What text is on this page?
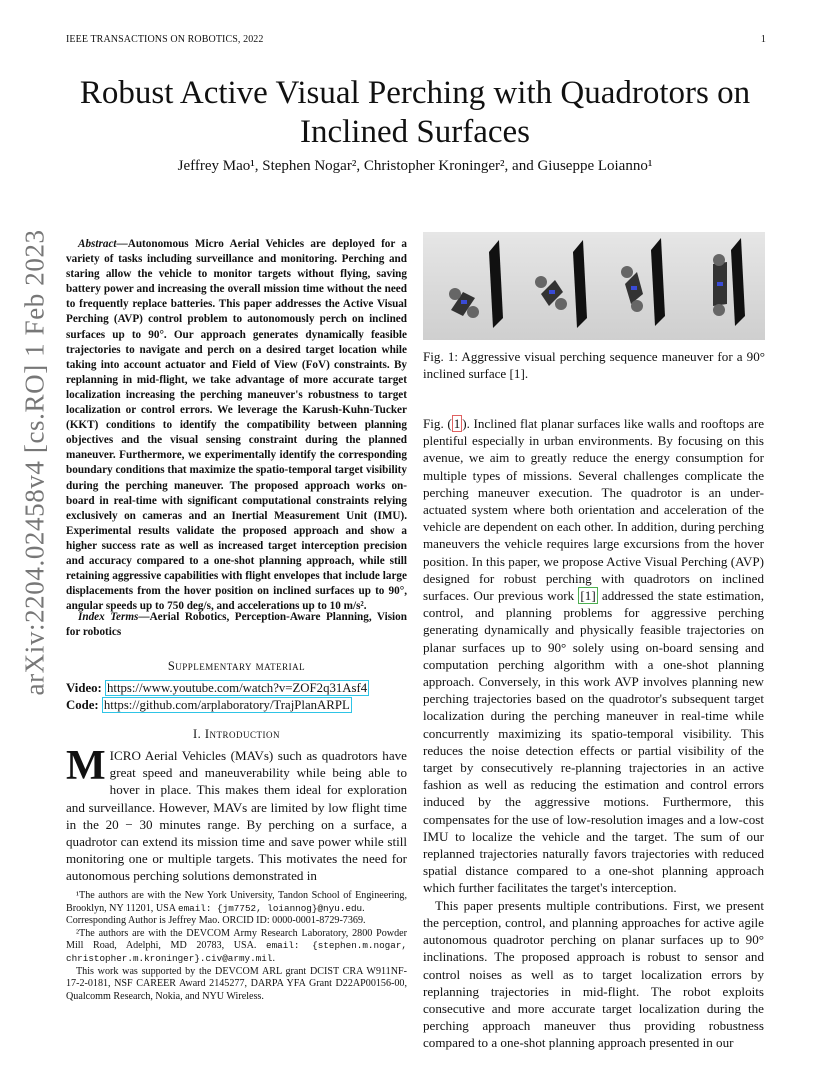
IEEE TRANSACTIONS ON ROBOTICS, 2022	1
arXiv:2204.02458v4 [cs.RO] 1 Feb 2023
Robust Active Visual Perching with Quadrotors on Inclined Surfaces
Jeffrey Mao¹, Stephen Nogar², Christopher Kroninger², and Giuseppe Loianno¹
Abstract—Autonomous Micro Aerial Vehicles are deployed for a variety of tasks including surveillance and monitoring. Perching and staring allow the vehicle to monitor targets without flying, saving battery power and increasing the overall mission time without the need to frequently replace batteries. This paper addresses the Active Visual Perching (AVP) control problem to autonomously perch on inclined surfaces up to 90°. Our approach generates dynamically feasible trajectories to navigate and perch on a desired target location while taking into account actuator and Field of View (FoV) constraints. By replanning in mid-flight, we take advantage of more accurate target localization increasing the perching maneuver's robustness to target localization or control errors. We leverage the Karush-Kuhn-Tucker (KKT) conditions to identify the compatibility between planning objectives and the visual sensing constraint during the planned maneuver. Furthermore, we experimentally identify the corresponding boundary conditions that maximize the spatio-temporal target visibility during the perching maneuver. The proposed approach works on-board in real-time with significant computational constraints relying exclusively on cameras and an Inertial Measurement Unit (IMU). Experimental results validate the proposed approach and show a higher success rate as well as increased target interception precision and accuracy compared to a one-shot planning approach, while still retaining aggressive capabilities with flight envelopes that include large displacements from the hover position on inclined surfaces up to 90°, angular speeds up to 750 deg/s, and accelerations up to 10 m/s².
Index Terms—Aerial Robotics, Perception-Aware Planning, Vision for robotics
Supplementary material
Video: https://www.youtube.com/watch?v=ZOF2q31Asf4
Code: https://github.com/arplaboratory/TrajPlanARPL
I. Introduction
MICRO Aerial Vehicles (MAVs) such as quadrotors have great speed and maneuverability while being able to hover in place. This makes them ideal for exploration and surveillance. However, MAVs are limited by low flight time in the 20 − 30 minutes range. By perching on a surface, a quadrotor can extend its mission time and save power while still monitoring one or multiple targets. This motivates the need for autonomous perching solutions demonstrated in

¹The authors are with the New York University, Tandon School of Engineering, Brooklyn, NY 11201, USA email: {jm7752, loiannog}@nyu.edu.

Corresponding Author is Jeffrey Mao. ORCID ID: 0000-0001-8729-7369.

²The authors are with the DEVCOM Army Research Laboratory, 2800 Powder Mill Road, Adelphi, MD 20783, USA. email: {stephen.m.nogar, christopher.m.kroninger}.civ@army.mil.

This work was supported by the DEVCOM ARL grant DCIST CRA W911NF-17-2-0181, NSF CAREER Award 2145277, DARPA YFA Grant D22AP00156-00, Qualcomm Research, Nokia, and NYU Wireless.

Fig. 1: Aggressive visual perching sequence maneuver for a 90° inclined surface [1].

Fig. ( 1 ). Inclined flat planar surfaces like walls and rooftops are plentiful especially in urban environments. By focusing on this avenue, we aim to greatly reduce the energy consumption for multiple types of missions. Several challenges complicate the perching maneuver execution. The quadrotor is an under-actuated system where both orientation and acceleration of the vehicle are dependent on each other. In addition, during perching maneuvers the vehicle requires large excursions from the hover position. In this paper, we propose Active Visual Perching (AVP) designed for robust perching with quadrotors on inclined surfaces. Our previous work [1] addressed the state estimation, control, and planning problems for aggressive perching generating dynamically and physically feasible trajectories on planar surfaces up to 90° solely using on-board sensing and computation perching algorithm with a one-shot planning approach. Conversely, in this work AVP involves planning new perching trajectories based on the quadrotor's subsequent target localization during the perching maneuver in real-time while concurrently maximizing its spatio-temporal visibility. This reduces the noise detection effects or partial visibility of the target by consecutively re-planning trajectories in an active fashion as well as reducing the estimation and control errors induced by the aggressive motions. Furthermore, this compensates for the use of low-resolution images and a low-cost IMU to localize the vehicle and the target. The sum of our replanned trajectories naturally favors trajectories with reduced spatial distance compared to a one-shot planning approach which further facilitates the target's interception.

This paper presents multiple contributions. First, we present the perception, control, and planning approaches for active agile autonomous quadrotor perching on planar surfaces up to 90° inclinations. The proposed approach is robust to sensor and control noises as well as to target localization errors by replanning trajectories in mid-flight. The robot exploits consecutive and more accurate target localization during the perching approach maneuver thus providing robustness compared to a one-shot planning approach presented in our
